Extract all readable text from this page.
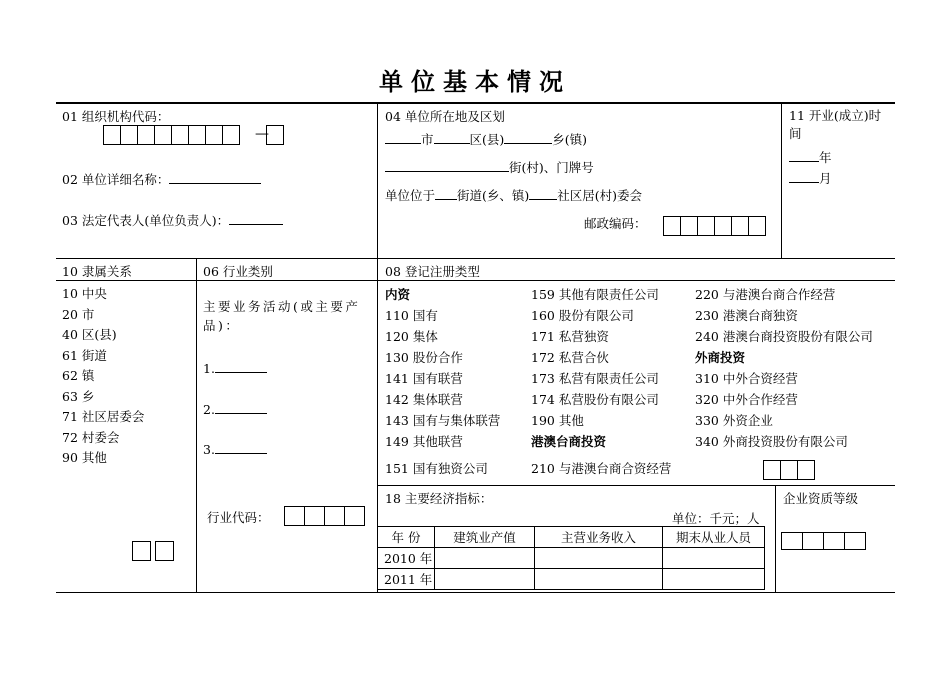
单位基本情况
01 组织机构代码：
—
02 单位详细名称：
03 法定代表人(单位负责人)：
04 单位所在地及区划
市	区(县)	乡(镇)
街(村)、门牌号
单位位于 街道(乡、镇) 社区居(村)委会
邮政编码：
11 开业(成立)时间
年
月
10 隶属关系	06 行业类别	08 登记注册类型
10 中央
20 市
40 区(县)
61 街道
62 镇
63 乡
71 社区居委会
72 村委会
90 其他
主要业务活动(或主要产品)：
1.
2.
3.
行业代码：
内资
110 国有
120 集体
130 股份合作
141 国有联营
142 集体联营
143 国有与集体联营
149 其他联营
159 其他有限责任公司
160 股份有限公司
171 私营独资
172 私营合伙
173 私营有限责任公司
174 私营股份有限公司
190 其他
港澳台商投资
220 与港澳台商合作经营
230 港澳台商独资
240 港澳台商投资股份有限公司
外商投资
310 中外合资经营
320 中外合作经营
330 外资企业
340 外商投资股份有限公司
151 国有独资公司	210 与港澳台商合资经营
18 主要经济指标：
单位：千元；人
年 份	建筑业产值	主营业务收入	期末从业人员
2010 年			
2011 年			
企业资质等级
